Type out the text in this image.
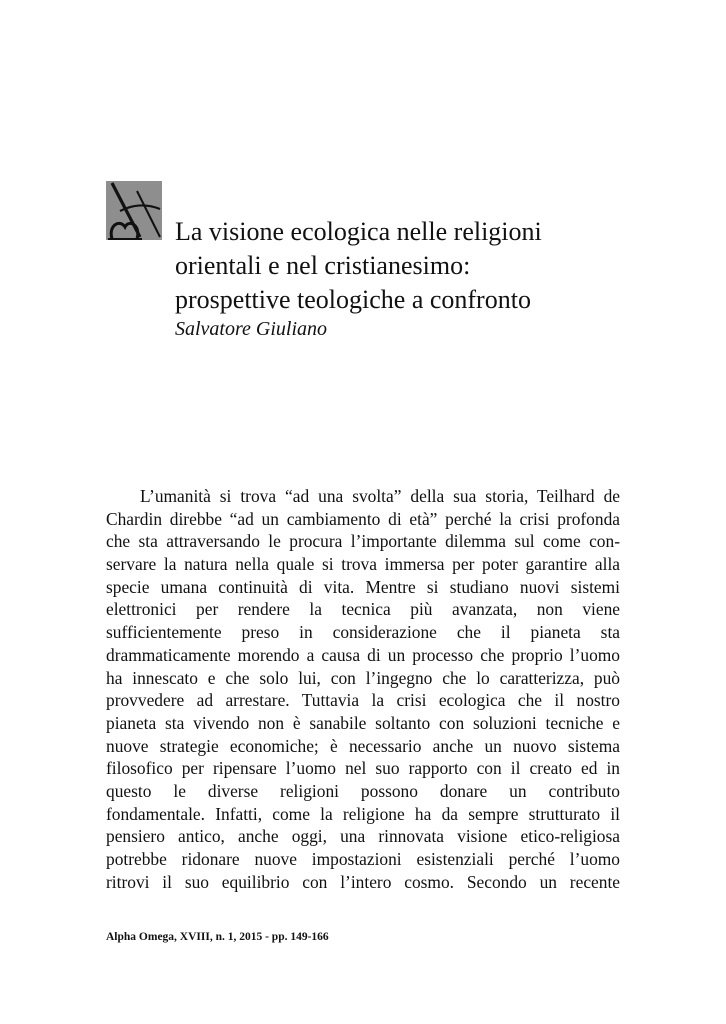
La visione ecologica nelle religioni
orientali e nel cristianesimo:
prospettive teologiche a confronto

Salvatore Giuliano

L’umanità si trova “ad una svolta” della sua storia, Teilhard de
Chardin direbbe “ad un cambiamento di età” perché la crisi profonda
che sta attraversando le procura l’importante dilemma sul come con-
servare la natura nella quale si trova immersa per poter garantire alla
specie umana continuità di vita. Mentre si studiano nuovi sistemi
elettronici per rendere la tecnica più avanzata, non viene
sufficientemente preso in considerazione che il pianeta sta
drammaticamente morendo a causa di un processo che proprio l’uomo
ha innescato e che solo lui, con l’ingegno che lo caratterizza, può
provvedere ad arrestare. Tuttavia la crisi ecologica che il nostro
pianeta sta vivendo non è sanabile soltanto con soluzioni tecniche e
nuove strategie economiche; è necessario anche un nuovo sistema
filosofico per ripensare l’uomo nel suo rapporto con il creato ed in
questo le diverse religioni possono donare un contributo
fondamentale. Infatti, come la religione ha da sempre strutturato il
pensiero antico, anche oggi, una rinnovata visione etico-religiosa
potrebbe ridonare nuove impostazioni esistenziali perché l’uomo
ritrovi il suo equilibrio con l’intero cosmo. Secondo un recente

Alpha Omega, XVIII, n. 1, 2015 - pp. 149-166
